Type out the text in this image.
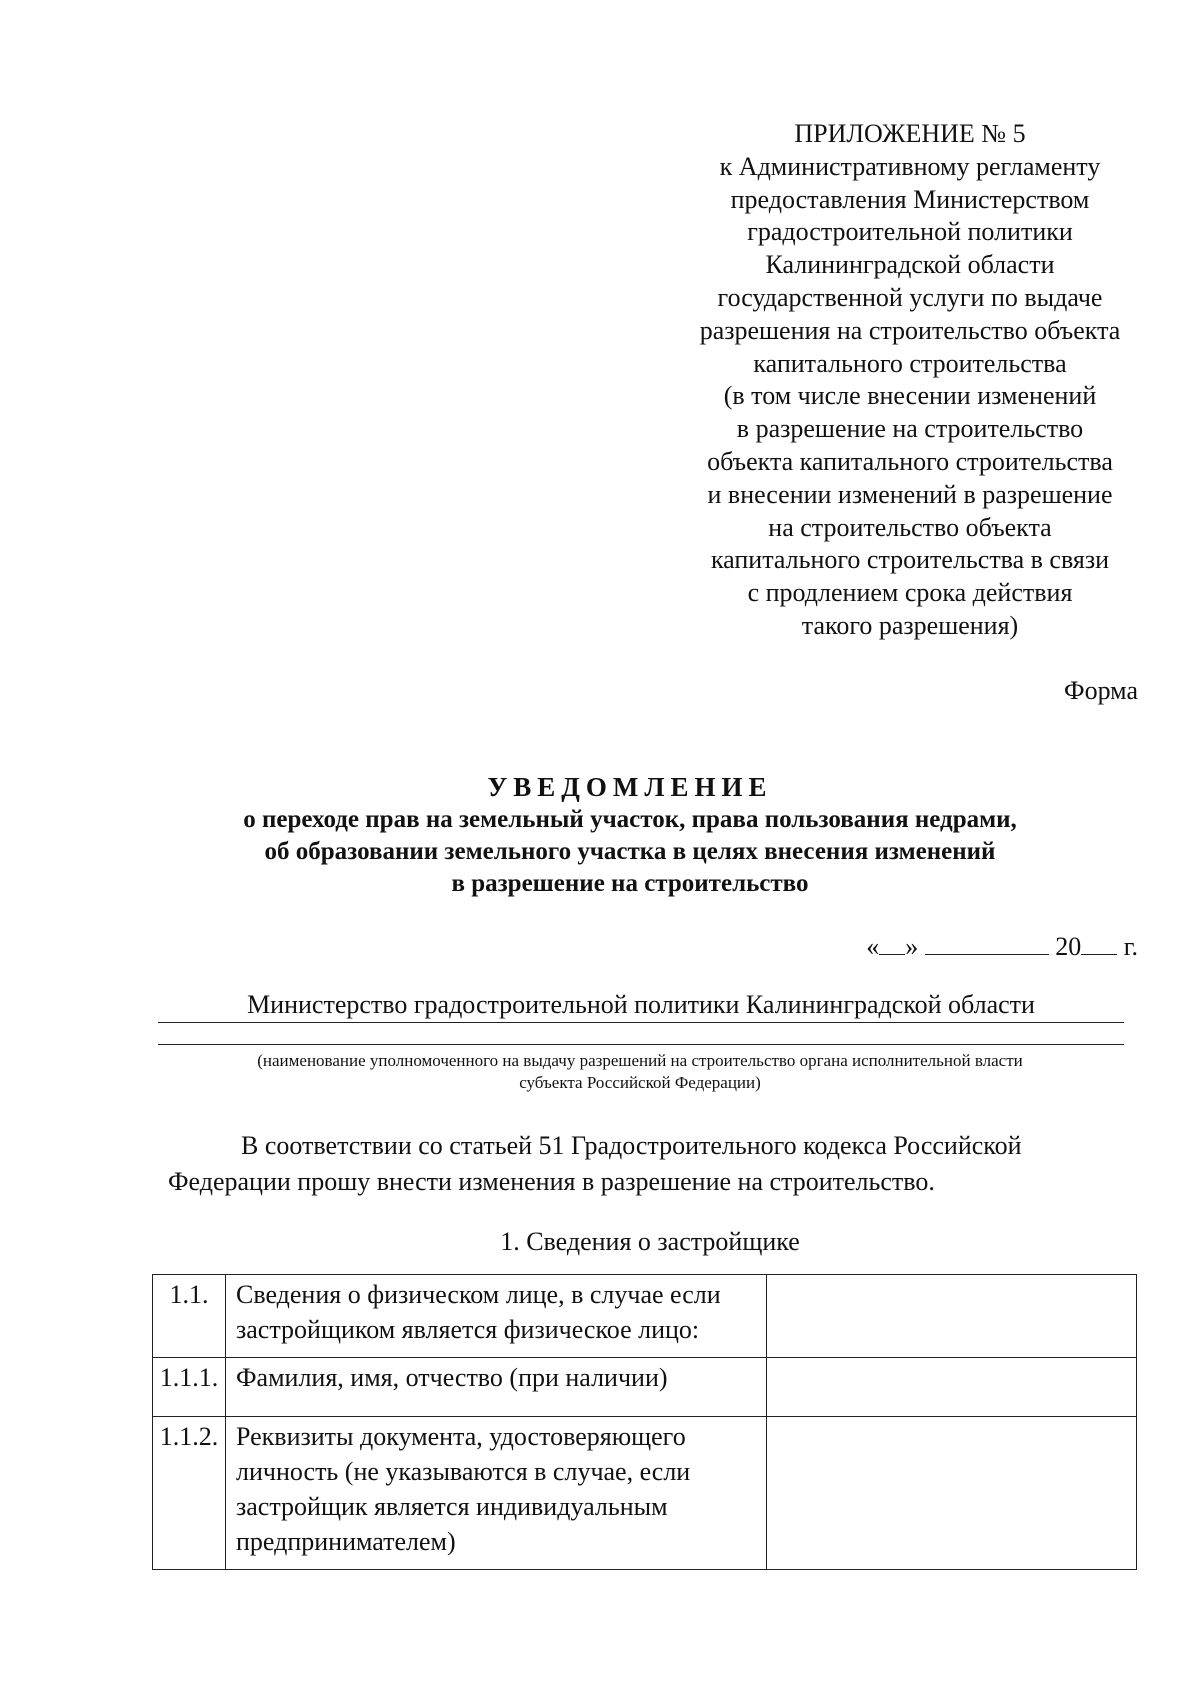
ПРИЛОЖЕНИЕ № 5
к Административному регламенту
предоставления Министерством
градостроительной политики
Калининградской области
государственной услуги по выдаче
разрешения на строительство объекта
капитального строительства
(в том числе внесении изменений
в разрешение на строительство
объекта капитального строительства
и внесении изменений в разрешение
на строительство объекта
капитального строительства в связи
с продлением срока действия
такого разрешения)
Форма
УВЕДОМЛЕНИЕ
о переходе прав на земельный участок, права пользования недрами,
об образовании земельного участка в целях внесения изменений
в разрешение на строительство
« »	20 г.
Министерство градостроительной политики Калининградской области
(наименование уполномоченного на выдачу разрешений на строительство органа исполнительной власти
субъекта Российской Федерации)
В соответствии со статьей 51 Градостроительного кодекса Российской
Федерации прошу внести изменения в разрешение на строительство.
1. Сведения о застройщике
1.1.	Сведения о физическом лице, в случае если
застройщиком является физическое лицо:	

1.1.1.	Фамилия, имя, отчество (при наличии)	

1.1.2.	Реквизиты документа, удостоверяющего
личность (не указываются в случае, если
застройщик является индивидуальным
предпринимателем)	
